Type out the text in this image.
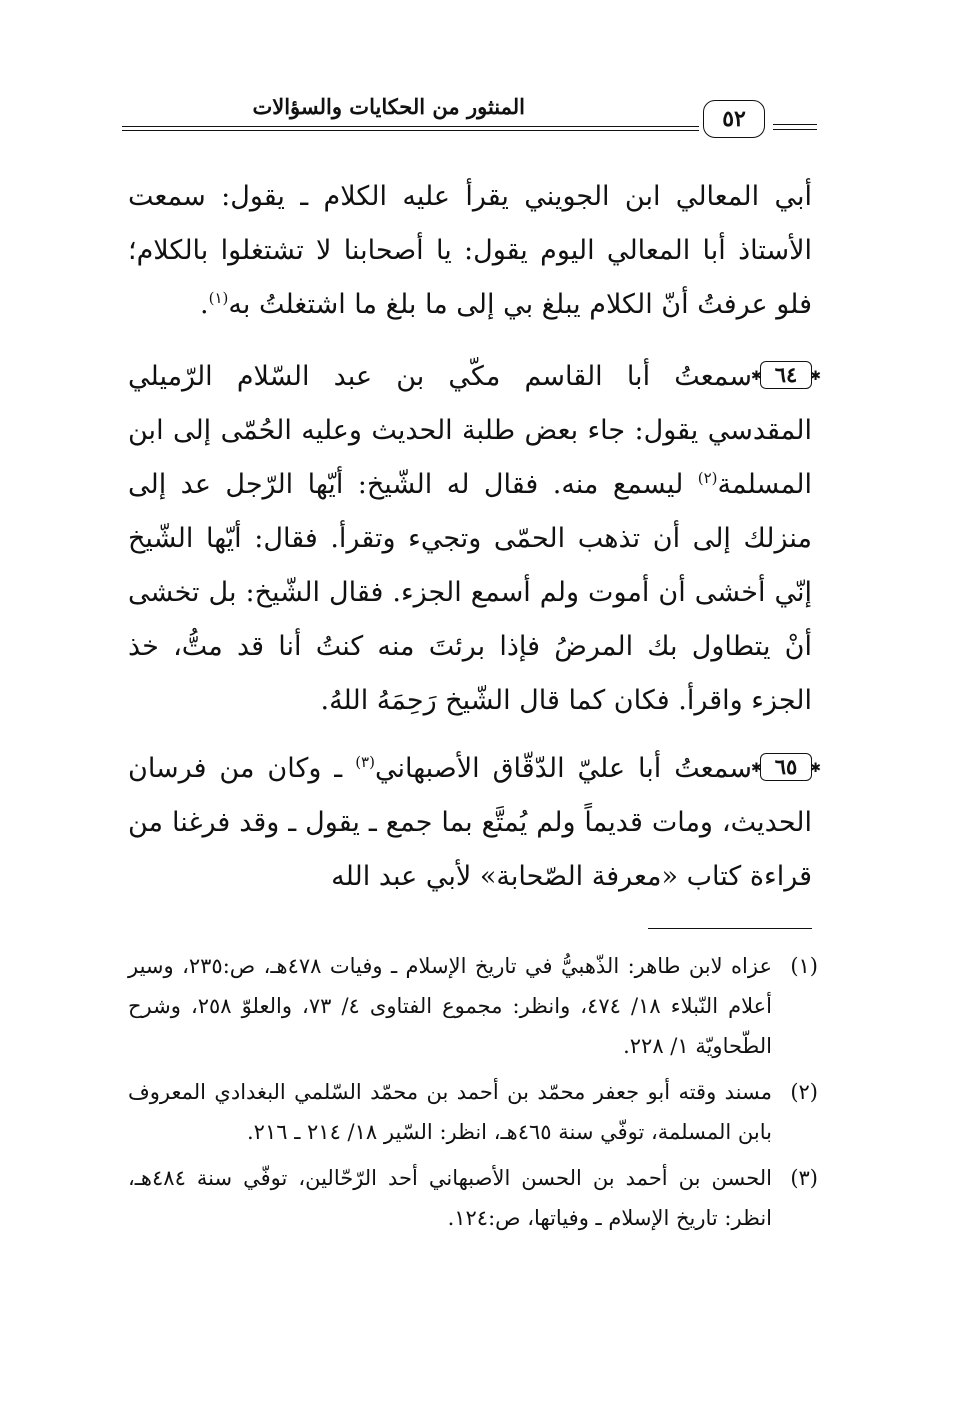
المنثور من الحكايات والسؤالات	٥٢

أبي المعالي ابن الجويني يقرأ عليه الكلام ـ يقول: سمعت الأستاذ أبا المعالي اليوم يقول: يا أصحابنا لا تشتغلوا بالكلام؛ فلو عرفتُ أنّ الكلام يبلغ بي إلى ما بلغ ما اشتغلتُ به$^{(١)}$.

✱ ٦٤ ✱سمعتُ أبا القاسم مكّي بن عبد السّلام الرّميلي المقدسي يقول: جاء بعض طلبة الحديث وعليه الحُمّى إلى ابن المسلمة$^{(٢)}$ ليسمع منه. فقال له الشّيخ: أيّها الرّجل عد إلى منزلك إلى أن تذهب الحمّى وتجيء وتقرأ. فقال: أيّها الشّيخ إنّي أخشى أن أموت ولم أسمع الجزء. فقال الشّيخ: بل تخشى أنْ يتطاول بك المرضُ فإذا برئتَ منه كنتُ أنا قد متُّ، خذ الجزء واقرأ. فكان كما قال الشّيخ رَحِمَهُ اللهُ.

✱ ٦٥ ✱سمعتُ أبا عليّ الدّقّاق الأصبهاني$^{(٣)}$ ـ وكان من فرسان الحديث، ومات قديماً ولم يُمتَّع بما جمع ـ يقول ـ وقد فرغنا من قراءة كتاب «معرفة الصّحابة» لأبي عبد الله

(١)
عزاه لابن طاهر: الذّهبيُّ في تاريخ الإسلام ـ وفيات ٤٧٨هـ، ص:٢٣٥، وسير أعلام النّبلاء ١٨/ ٤٧٤، وانظر: مجموع الفتاوى ٤/ ٧٣، والعلوّ ٢٥٨، وشرح الطّحاويّة ١/ ٢٢٨.
(٢)
مسند وقته أبو جعفر محمّد بن أحمد بن محمّد السّلمي البغدادي المعروف بابن المسلمة، توفّي سنة ٤٦٥هـ، انظر: السّير ١٨/ ٢١٤ ـ ٢١٦.
(٣)
الحسن بن أحمد بن الحسن الأصبهاني أحد الرّحّالين، توفّي سنة ٤٨٤هـ، انظر: تاريخ الإسلام ـ وفياتها، ص:١٢٤.
